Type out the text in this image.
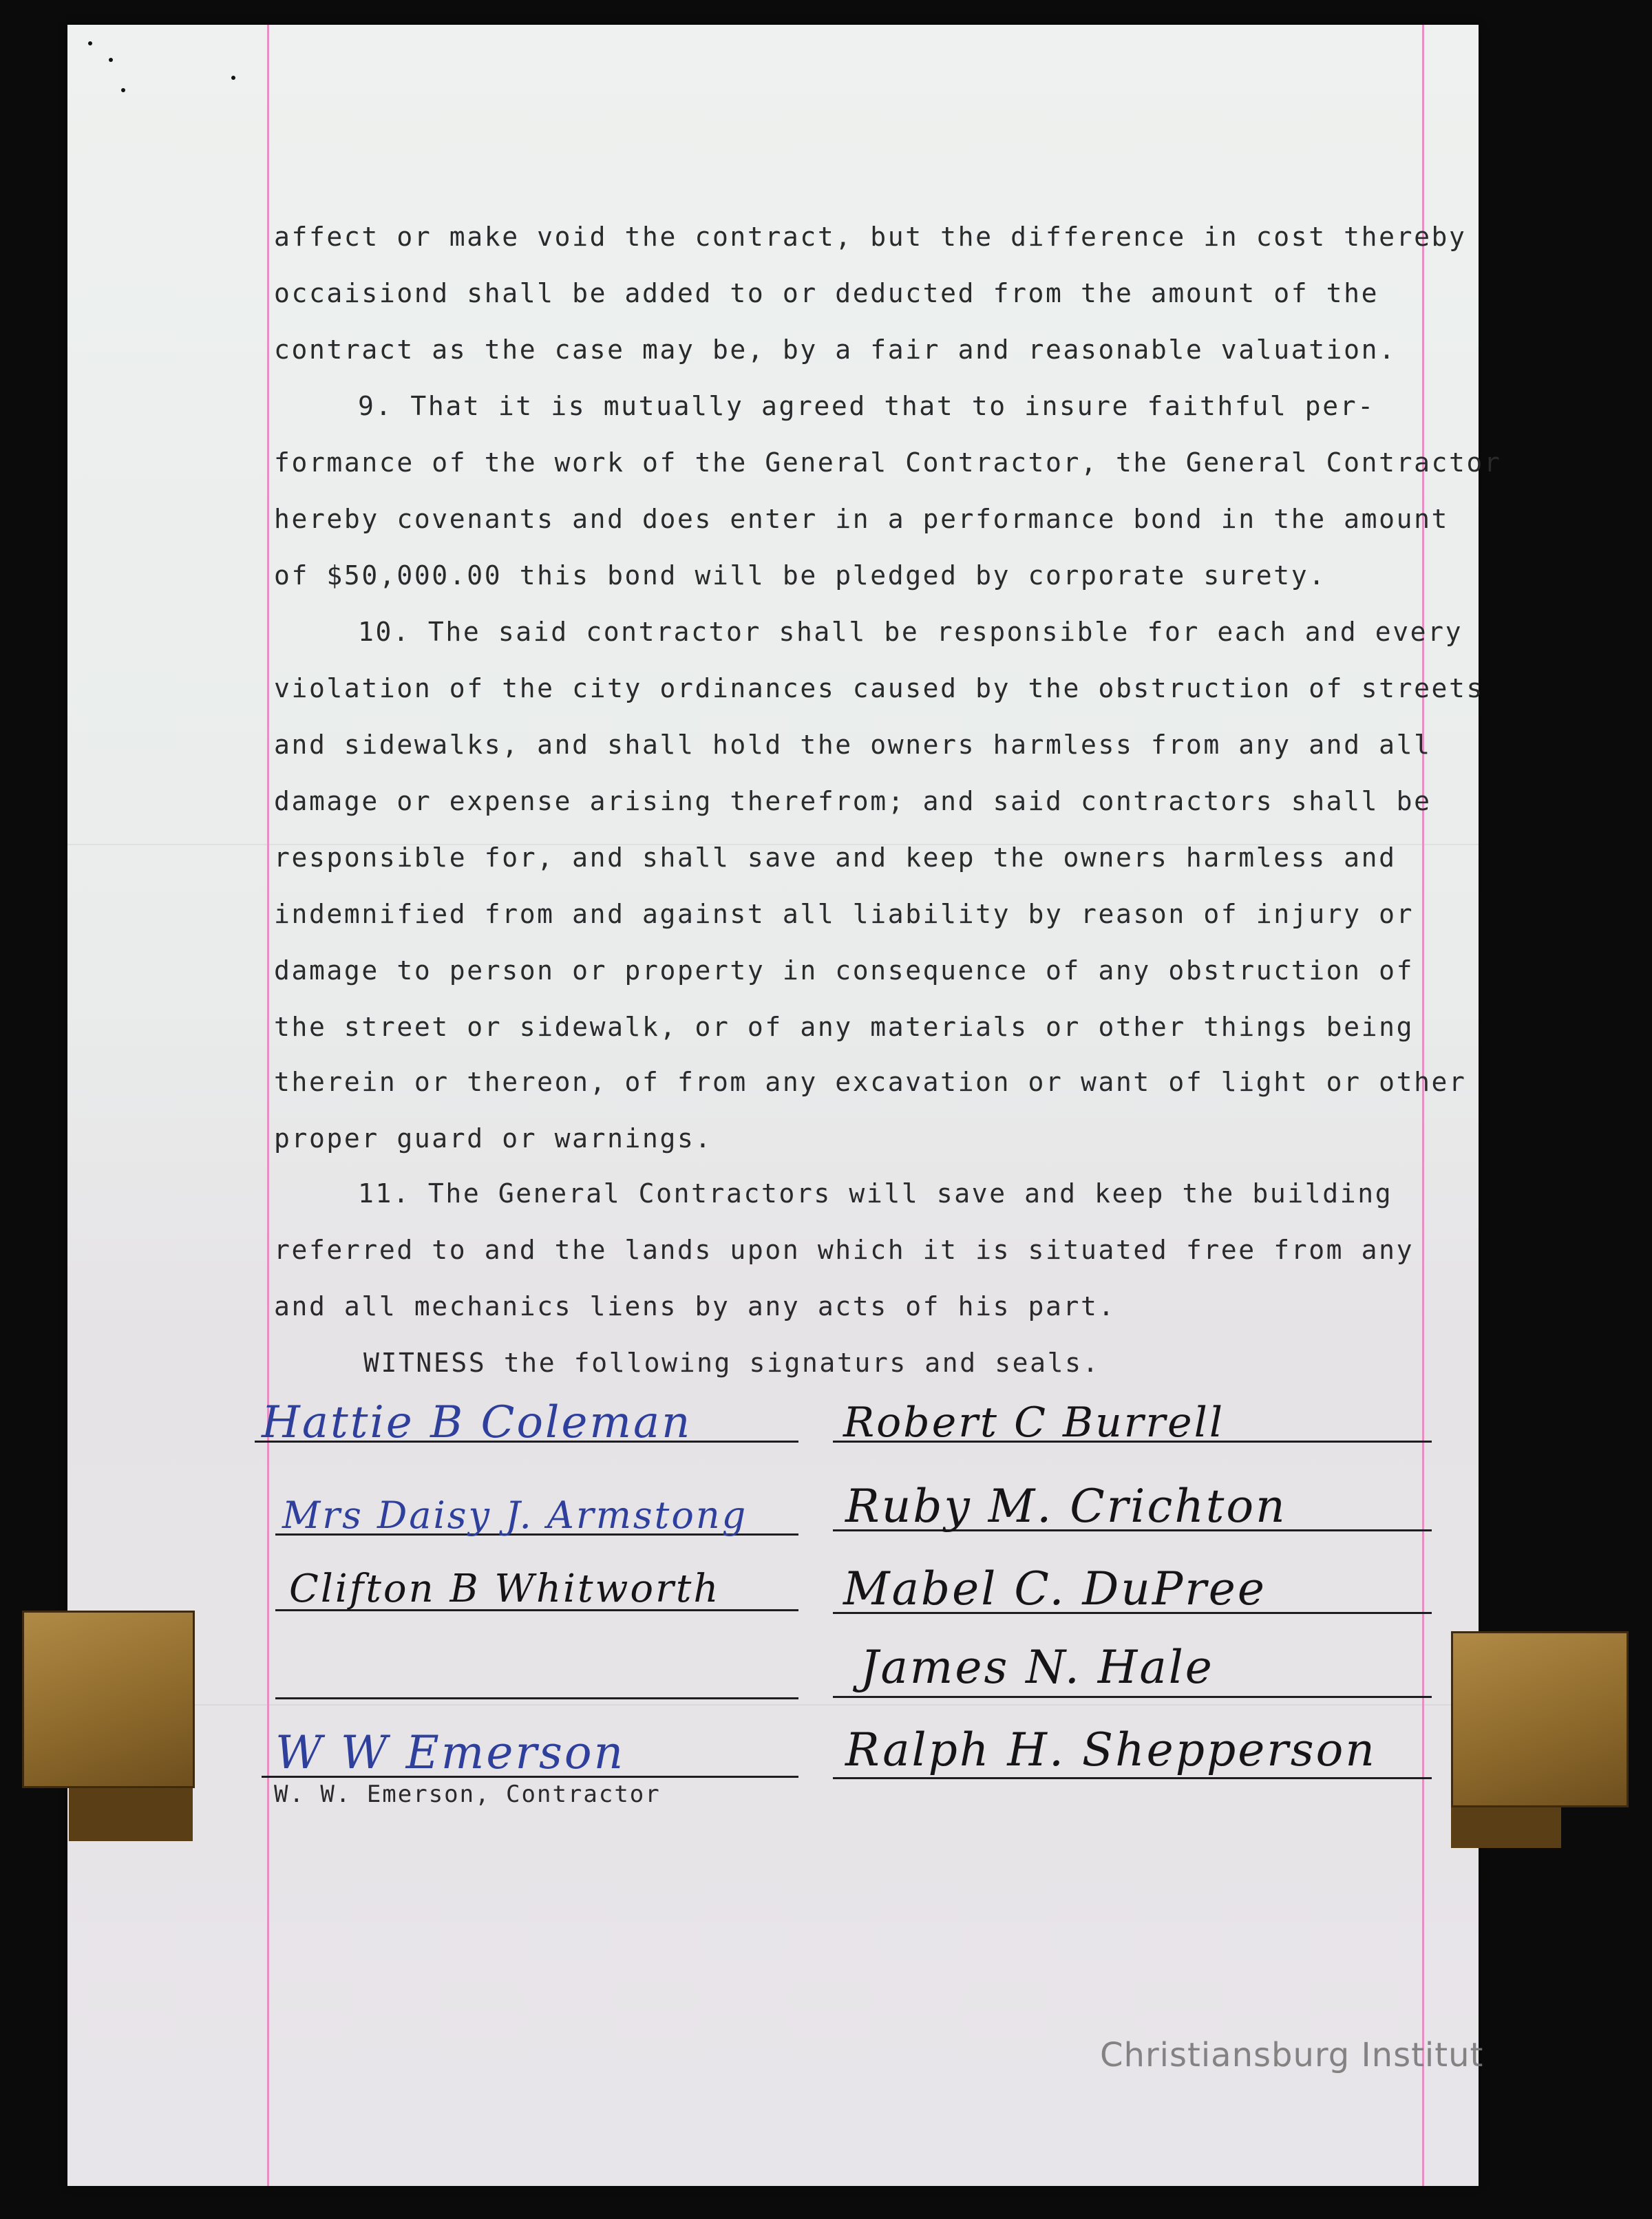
affect or make void the contract, but the difference in cost thereby
occaisiond shall be added to or deducted from the amount of the
contract as the case may be, by a fair and reasonable valuation.
9. That it is mutually agreed that to insure faithful per-
formance of the work of the General Contractor, the General Contractor
hereby covenants and does enter in a performance bond in the amount
of $50,000.00 this bond will be pledged by corporate surety.
10. The said contractor shall be responsible for each and every
violation of the city ordinances caused by the obstruction of streets
and sidewalks, and shall hold the owners harmless from any and all
damage or expense arising therefrom; and said contractors shall be
responsible for, and shall save and keep the owners harmless and
indemnified from and against all liability by reason of injury or
damage to person or property in consequence of any obstruction of
the street or sidewalk, or of any materials or other things being
therein or thereon, of from any excavation or want of light or other
proper guard or warnings.
11. The General Contractors will save and keep the building
referred to and the lands upon which it is situated free from any
and all mechanics liens by any acts of his part.
WITNESS the following signaturs and seals.
Hattie B Coleman
Mrs Daisy J. Armstong
Clifton B Whitworth
W W Emerson
W. W. Emerson, Contractor
Robert C Burrell
Ruby M. Crichton
Mabel C. DuPree
James N. Hale
Ralph H. Shepperson
Christiansburg Institut
